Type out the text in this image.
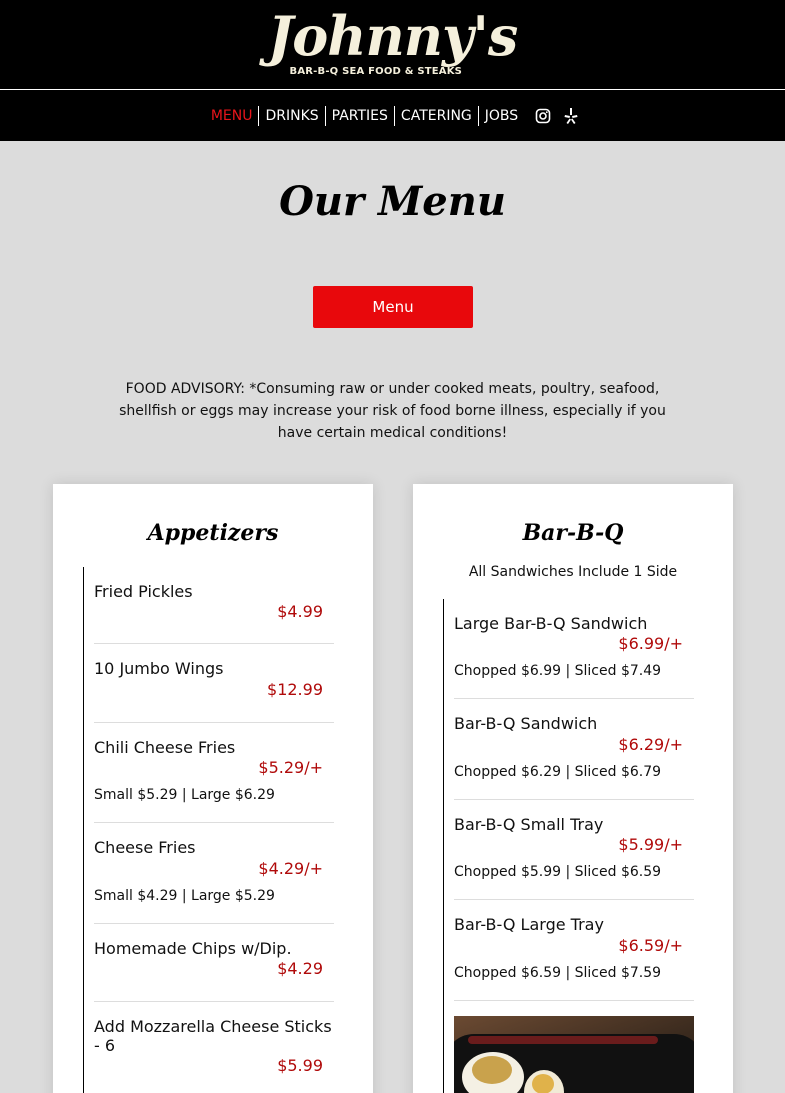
Johnny's
BAR-B-Q SEA FOOD & STEAKS
MENU DRINKS PARTIES CATERING JOBS
Our Menu
Menu

FOOD ADVISORY: *Consuming raw or under cooked meats, poultry, seafood, shellfish or eggs may increase your risk of food borne illness, especially if you have certain medical conditions!

Appetizers
Fried Pickles
$4.99
10 Jumbo Wings
$12.99
Chili Cheese Fries
$5.29/+
Small $5.29 | Large $6.29
Cheese Fries
$4.29/+
Small $4.29 | Large $5.29
Homemade Chips w/Dip.
$4.29
Add Mozzarella Cheese Sticks - 6
$5.99
Bar-B-Q
All Sandwiches Include 1 Side
Large Bar-B-Q Sandwich
$6.99/+
Chopped $6.99 | Sliced $7.49
Bar-B-Q Sandwich
$6.29/+
Chopped $6.29 | Sliced $6.79
Bar-B-Q Small Tray
$5.99/+
Chopped $5.99 | Sliced $6.59
Bar-B-Q Large Tray
$6.59/+
Chopped $6.59 | Sliced $7.59
